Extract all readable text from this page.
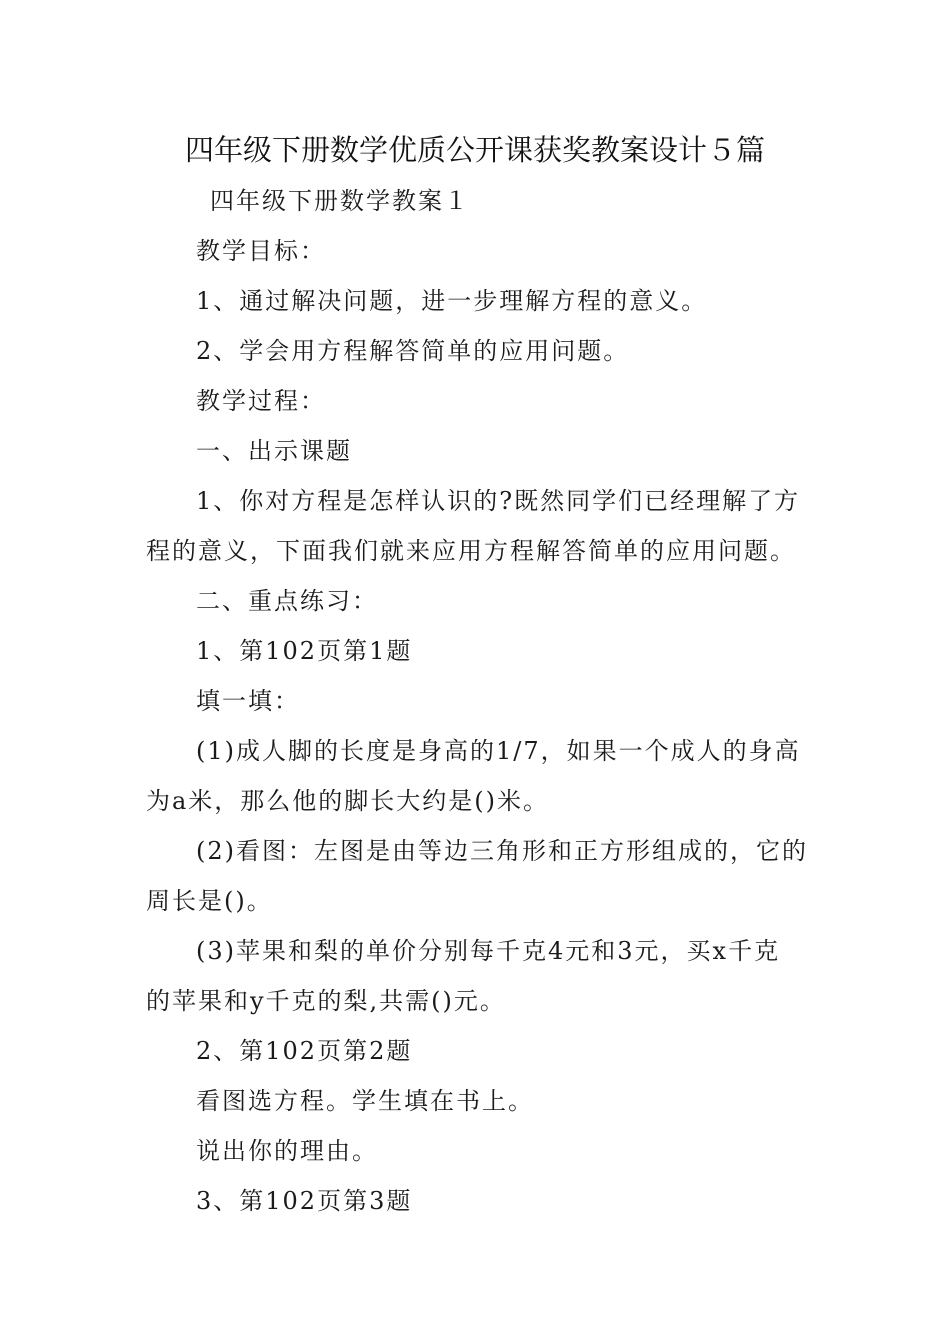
四年级下册数学优质公开课获奖教案设计５篇

四年级下册数学教案１

教学目标：

1、通过解决问题，进一步理解方程的意义。

2、学会用方程解答简单的应用问题。

教学过程：

一、出示课题

1、你对方程是怎样认识的?既然同学们已经理解了方

程的意义，下面我们就来应用方程解答简单的应用问题。

二、重点练习：

1、第102页第1题

填一填：

(1)成人脚的长度是身高的1/7，如果一个成人的身高

为a米，那么他的脚长大约是()米。

(2)看图：左图是由等边三角形和正方形组成的，它的

周长是()。

(3)苹果和梨的单价分别每千克4元和3元，买x千克

的苹果和y千克的梨,共需()元。

2、第102页第2题

看图选方程。学生填在书上。

说出你的理由。

3、第102页第3题
